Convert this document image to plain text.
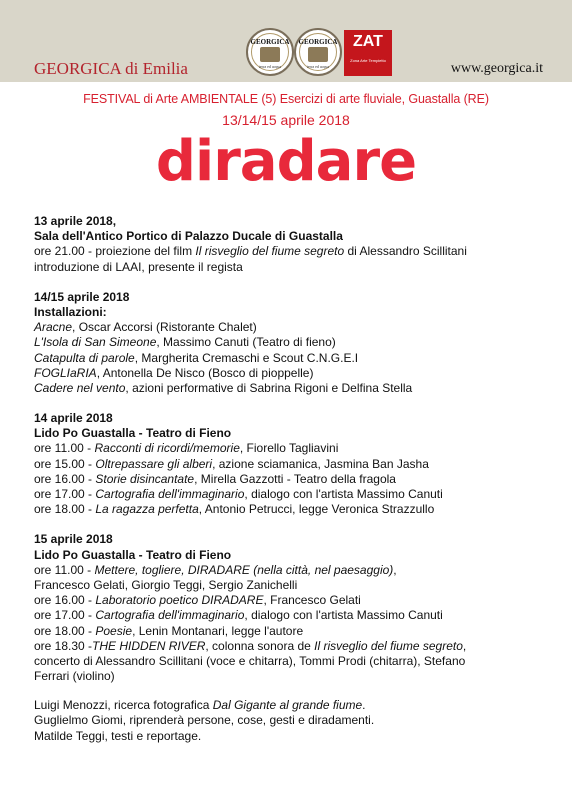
GEORGICA di Emilia
GEORGICA
terra ed acqua
GEORGICA
terra ed acqua
ZAT
Zona Arte Tempietto
www.georgica.it
FESTIVAL di Arte AMBIENTALE (5) Esercizi di arte fluviale, Guastalla (RE)
13/14/15 aprile 2018
diradare
13 aprile 2018,
Sala dell'Antico Portico di Palazzo Ducale di Guastalla
ore 21.00 - proiezione del film Il risveglio del fiume segreto di Alessandro Scillitani
introduzione di LAAI, presente il regista
14/15 aprile 2018
Installazioni:
Aracne, Oscar Accorsi (Ristorante Chalet)
L'Isola di San Simeone, Massimo Canuti (Teatro di fieno)
Catapulta di parole, Margherita Cremaschi e Scout C.N.G.E.I
FOGLIaRIA, Antonella De Nisco (Bosco di pioppelle)
Cadere nel vento, azioni performative di Sabrina Rigoni e Delfina Stella
14 aprile 2018
Lido Po Guastalla - Teatro di Fieno
ore 11.00 - Racconti di ricordi/memorie, Fiorello Tagliavini
ore 15.00 - Oltrepassare gli alberi, azione sciamanica, Jasmina Ban Jasha
ore 16.00 - Storie disincantate, Mirella Gazzotti - Teatro della fragola
ore 17.00 - Cartografia dell'immaginario, dialogo con l'artista Massimo Canuti
ore 18.00 - La ragazza perfetta, Antonio Petrucci, legge Veronica Strazzullo
15 aprile 2018
Lido Po Guastalla - Teatro di Fieno
ore 11.00 - Mettere, togliere, DIRADARE (nella città, nel paesaggio),
Francesco Gelati, Giorgio Teggi, Sergio Zanichelli
ore 16.00 - Laboratorio poetico DIRADARE, Francesco Gelati
ore 17.00 - Cartografia dell'immaginario, dialogo con l'artista Massimo Canuti
ore 18.00 - Poesie, Lenin Montanari, legge l'autore
ore 18.30 -THE HIDDEN RIVER, colonna sonora de Il risveglio del fiume segreto,
concerto di Alessandro Scillitani (voce e chitarra), Tommi Prodi (chitarra), Stefano
Ferrari (violino)
Luigi Menozzi, ricerca fotografica Dal Gigante al grande fiume.
Guglielmo Giomi, riprenderà persone, cose, gesti e diradamenti.
Matilde Teggi, testi e reportage.
